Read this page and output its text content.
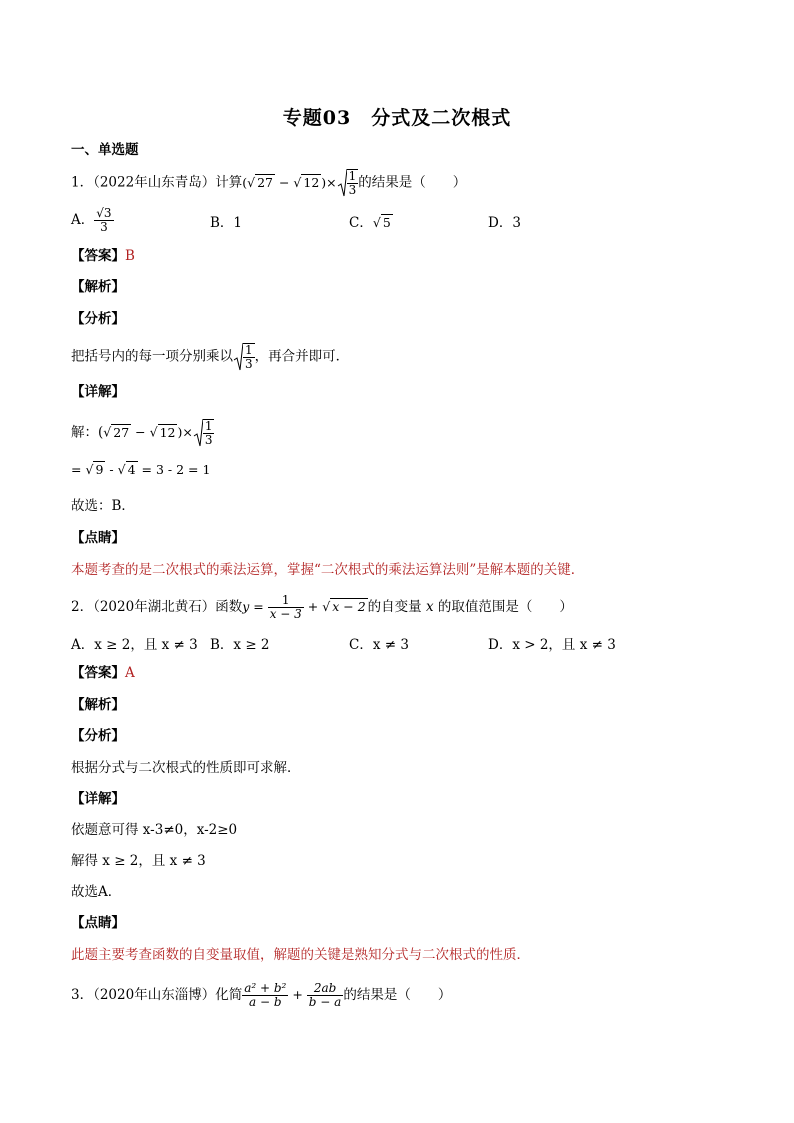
专题03　分式及二次根式
一、单选题
1．（2022年山东青岛）计算(√ 27 − √ 12 )× $\frac{1}{3}$ 的结果是（　　）
A． $\frac{√3}{3}$	B．1	C．√ 5	D．3
【答案】B
【解析】
【分析】
把括号内的每一项分别乘以 $\frac{1}{3}$ ，再合并即可．
【详解】
解：(√ 27 − √ 12 )× $\frac{1}{3}$
= √ 9 - √ 4 = 3 - 2 = 1
故选：B．
【点睛】
本题考查的是二次根式的乘法运算，掌握“二次根式的乘法运算法则”是解本题的关键．
2．（2020年湖北黄石）函数$y = \frac{1}{x - 3}$ + √ x − 2 的自变量 x 的取值范围是（　　）
A．x ≥ 2，且 x ≠ 3 B．x ≥ 2	C．x ≠ 3	D．x > 2，且 x ≠ 3
【答案】A
【解析】
【分析】
根据分式与二次根式的性质即可求解．
【详解】
依题意可得 x-3≠0，x-2≥0
解得 x ≥ 2，且 x ≠ 3
故选A．
【点睛】
此题主要考查函数的自变量取值，解题的关键是熟知分式与二次根式的性质．
3．（2020年山东淄博）化简 $\frac{\text{a² + b²}}{a - b} + \frac{2ab}{b - a}$ 的结果是（　　）
